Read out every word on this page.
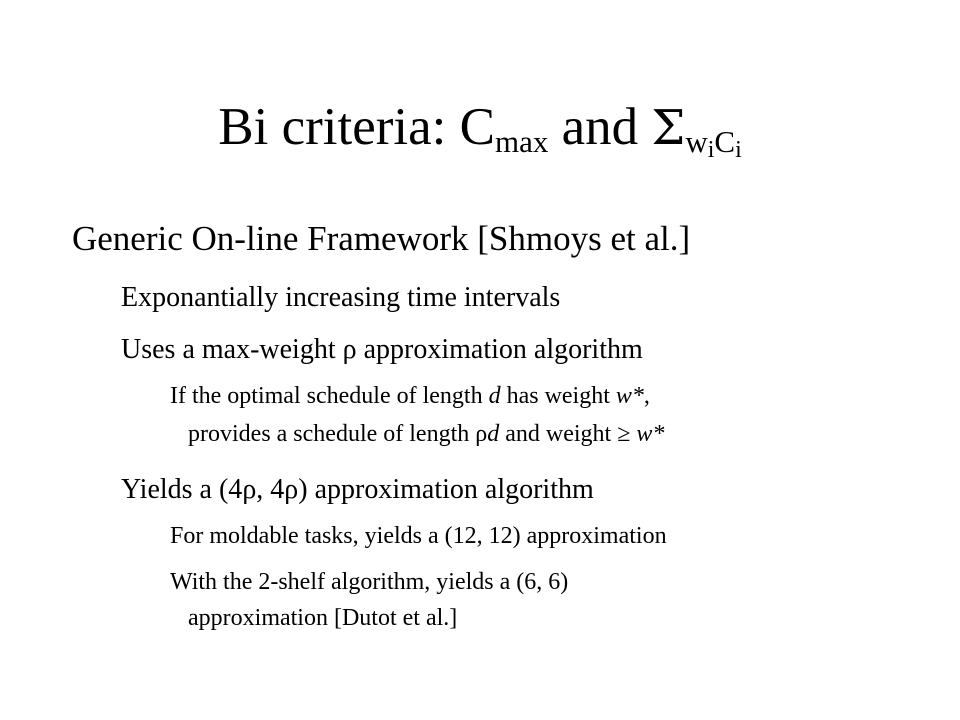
Bi criteria: $C_{max}$ and ΣwiCi
Generic On-line Framework [Shmoys et al.]
Exponantially increasing time intervals
Uses a max-weight ρ approximation algorithm
If the optimal schedule of length d has weight w*,
provides a schedule of length ρd and weight ≥ w*
Yields a (4ρ, 4ρ) approximation algorithm
For moldable tasks, yields a (12, 12) approximation
With the 2-shelf algorithm, yields a (6, 6)
approximation [Dutot et al.]
